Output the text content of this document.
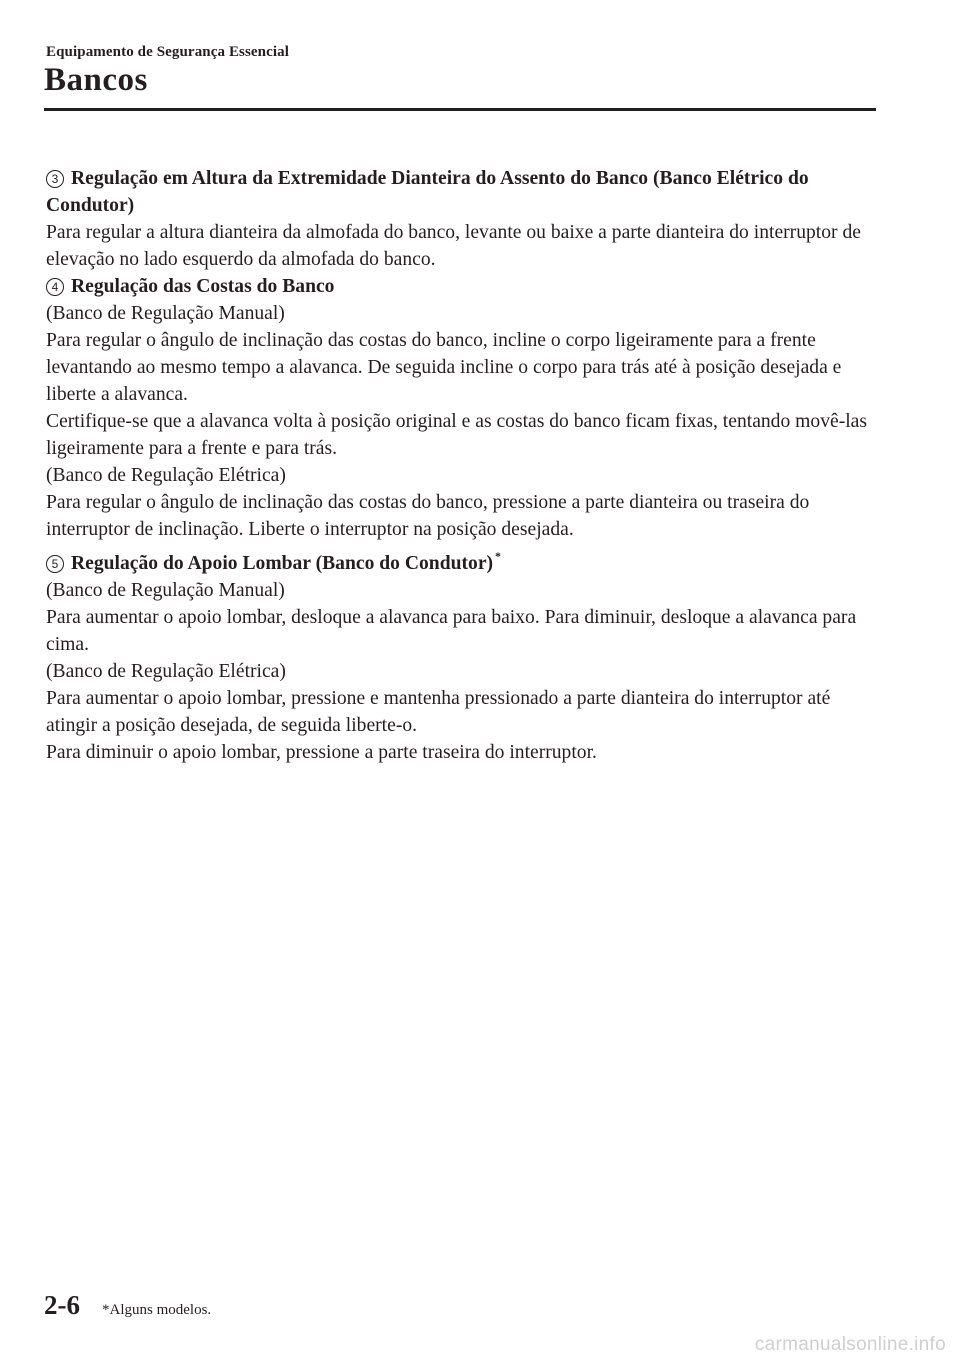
Equipamento de Segurança Essencial
Bancos

3 Regulação em Altura da Extremidade Dianteira do Assento do Banco (Banco Elétrico do Condutor)

Para regular a altura dianteira da almofada do banco, levante ou baixe a parte dianteira do interruptor de elevação no lado esquerdo da almofada do banco.

4 Regulação das Costas do Banco

(Banco de Regulação Manual)

Para regular o ângulo de inclinação das costas do banco, incline o corpo ligeiramente para a frente levantando ao mesmo tempo a alavanca. De seguida incline o corpo para trás até à posição desejada e liberte a alavanca.

Certifique-se que a alavanca volta à posição original e as costas do banco ficam fixas, tentando movê-las ligeiramente para a frente e para trás.

(Banco de Regulação Elétrica)

Para regular o ângulo de inclinação das costas do banco, pressione a parte dianteira ou traseira do interruptor de inclinação. Liberte o interruptor na posição desejada.

5 Regulação do Apoio Lombar (Banco do Condutor) *

(Banco de Regulação Manual)

Para aumentar o apoio lombar, desloque a alavanca para baixo. Para diminuir, desloque a alavanca para cima.

(Banco de Regulação Elétrica)

Para aumentar o apoio lombar, pressione e mantenha pressionado a parte dianteira do interruptor até atingir a posição desejada, de seguida liberte-o.

Para diminuir o apoio lombar, pressione a parte traseira do interruptor.

2-6 *Alguns modelos.
carmanualsonline.info
